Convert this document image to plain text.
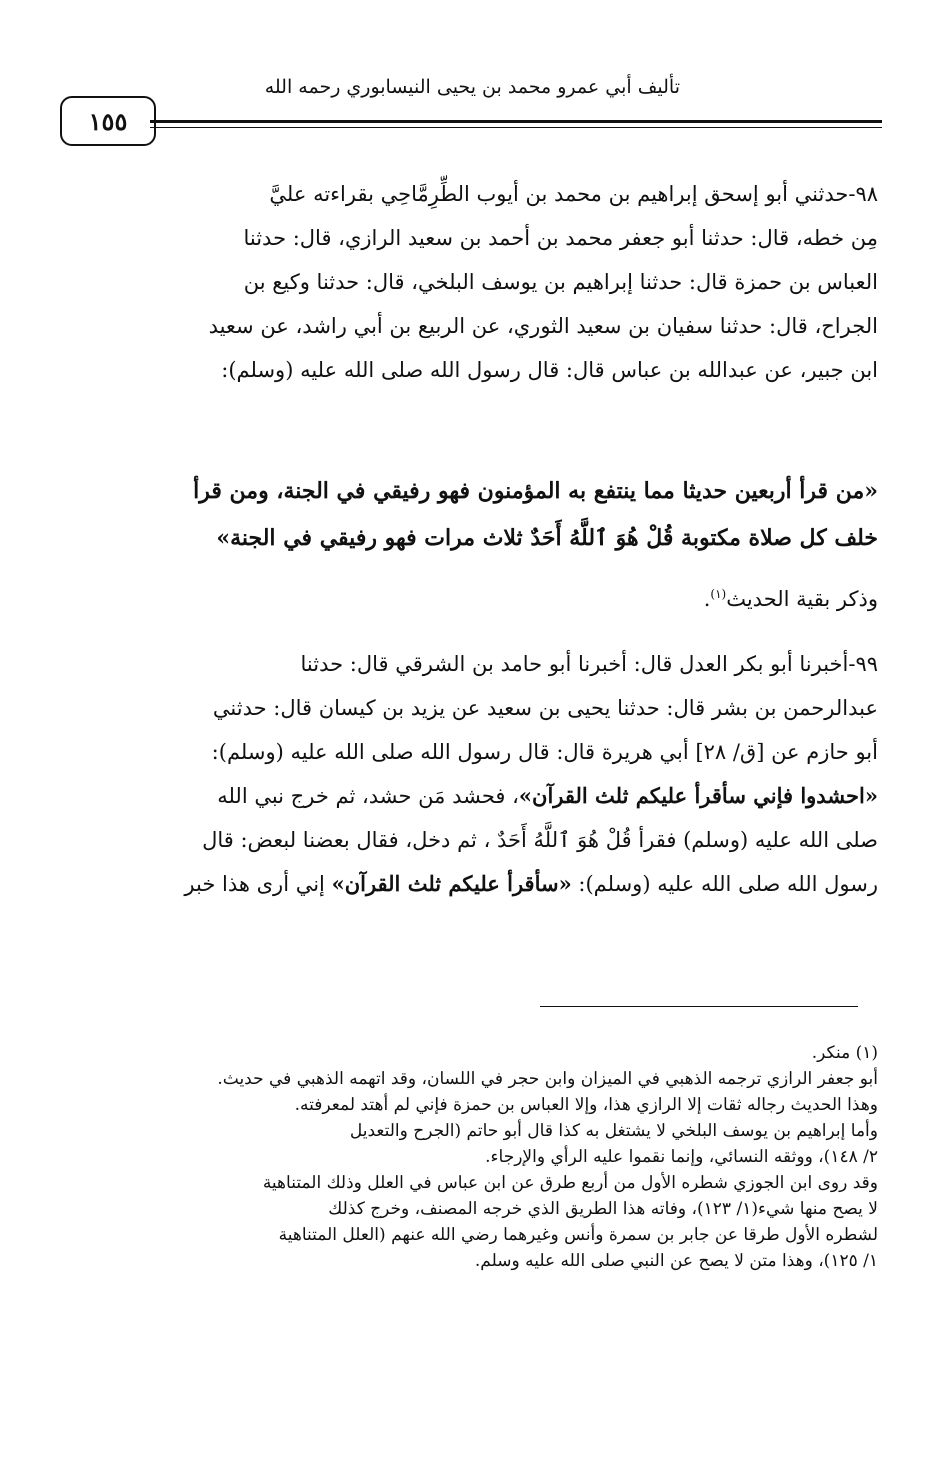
تأليف أبي عمرو محمد بن يحيى النيسابوري رحمه الله
١٥٥
٩٨-حدثني أبو إسحق إبراهيم بن محمد بن أيوب الطِّرِمَّاحِي بقراءته عليَّ
مِن خطه، قال: حدثنا أبو جعفر محمد بن أحمد بن سعيد الرازي، قال: حدثنا
العباس بن حمزة قال: حدثنا إبراهيم بن يوسف البلخي، قال: حدثنا وكيع بن
الجراح، قال: حدثنا سفيان بن سعيد الثوري، عن الربيع بن أبي راشد، عن سعيد
ابن جبير، عن عبدالله بن عباس قال: قال رسول الله صلى الله عليه (وسلم):
«من قرأ أربعين حديثا مما ينتفع به المؤمنون فهو رفيقي في الجنة، ومن قرأ
خلف كل صلاة مكتوبة قُلْ هُوَ ٱللَّهُ أَحَدٌ ثلاث مرات فهو رفيقي في الجنة»
وذكر بقية الحديث$^{(١)}$.
٩٩-أخبرنا أبو بكر العدل قال: أخبرنا أبو حامد بن الشرقي قال: حدثنا
عبدالرحمن بن بشر قال: حدثنا يحيى بن سعيد عن يزيد بن كيسان قال: حدثني
أبو حازم عن [ق/ ٢٨] أبي هريرة قال: قال رسول الله صلى الله عليه (وسلم):
«احشدوا فإني سأقرأ عليكم ثلث القرآن»، فحشد مَن حشد، ثم خرج نبي الله
صلى الله عليه (وسلم) فقرأ قُلْ هُوَ ٱللَّهُ أَحَدٌ ، ثم دخل، فقال بعضنا لبعض: قال
رسول الله صلى الله عليه (وسلم): «سأقرأ عليكم ثلث القرآن» إني أرى هذا خبر
(١) منكر.
أبو جعفر الرازي ترجمه الذهبي في الميزان وابن حجر في اللسان، وقد اتهمه الذهبي في حديث.
وهذا الحديث رجاله ثقات إلا الرازي هذا، وإلا العباس بن حمزة فإني لم أهتد لمعرفته.
وأما إبراهيم بن يوسف البلخي لا يشتغل به كذا قال أبو حاتم (الجرح والتعديل
٢/ ١٤٨)، ووثقه النسائي، وإنما نقموا عليه الرأي والإرجاء.
وقد روى ابن الجوزي شطره الأول من أربع طرق عن ابن عباس في العلل وذلك المتناهية
لا يصح منها شيء(١/ ١٢٣)، وفاته هذا الطريق الذي خرجه المصنف، وخرج كذلك
لشطره الأول طرقا عن جابر بن سمرة وأنس وغيرهما رضي الله عنهم (العلل المتناهية
١/ ١٢٥)، وهذا متن لا يصح عن النبي صلى الله عليه وسلم.
